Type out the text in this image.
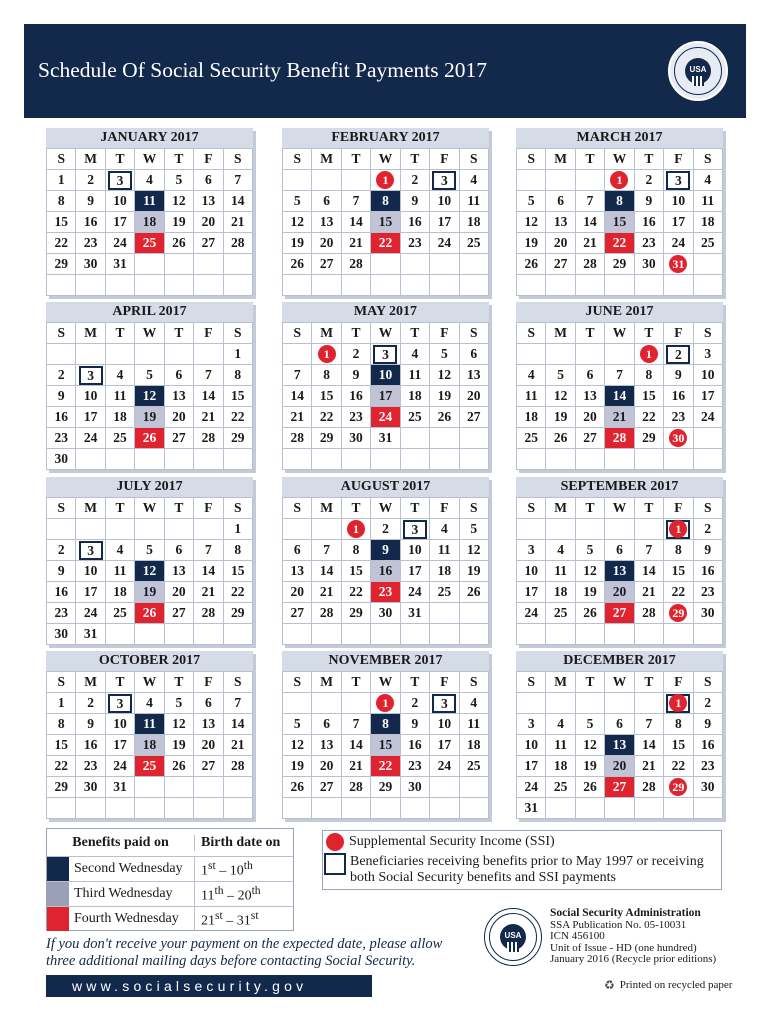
Schedule Of Social Security Benefit Payments 2017	USA
JANUARY 2017
S	M	T	W	T	F	S
1	2	3	4	5	6	7
8	9	10	11	12	13	14
15	16	17	18	19	20	21
22	23	24	25	26	27	28
29	30	31				

FEBRUARY 2017
S	M	T	W	T	F	S
			1	2	3	4
5	6	7	8	9	10	11
12	13	14	15	16	17	18
19	20	21	22	23	24	25
26	27	28				

MARCH 2017
S	M	T	W	T	F	S
			1	2	3	4
5	6	7	8	9	10	11
12	13	14	15	16	17	18
19	20	21	22	23	24	25
26	27	28	29	30	31	

APRIL 2017
S	M	T	W	T	F	S
						1
2	3	4	5	6	7	8
9	10	11	12	13	14	15
16	17	18	19	20	21	22
23	24	25	26	27	28	29
30						
MAY 2017
S	M	T	W	T	F	S
	1	2	3	4	5	6
7	8	9	10	11	12	13
14	15	16	17	18	19	20
21	22	23	24	25	26	27
28	29	30	31			

JUNE 2017
S	M	T	W	T	F	S
				1	2	3
4	5	6	7	8	9	10
11	12	13	14	15	16	17
18	19	20	21	22	23	24
25	26	27	28	29	30	

JULY 2017
S	M	T	W	T	F	S
						1
2	3	4	5	6	7	8
9	10	11	12	13	14	15
16	17	18	19	20	21	22
23	24	25	26	27	28	29
30	31					
AUGUST 2017
S	M	T	W	T	F	S
		1	2	3	4	5
6	7	8	9	10	11	12
13	14	15	16	17	18	19
20	21	22	23	24	25	26
27	28	29	30	31		

SEPTEMBER 2017
S	M	T	W	T	F	S

					1	2
3	4	5	6	7	8	9
10	11	12	13	14	15	16
17	18	19	20	21	22	23
24	25	26	27	28	29	30

OCTOBER 2017
S	M	T	W	T	F	S
1	2	3	4	5	6	7
8	9	10	11	12	13	14
15	16	17	18	19	20	21
22	23	24	25	26	27	28
29	30	31				

NOVEMBER 2017
S	M	T	W	T	F	S
			1	2	3	4
5	6	7	8	9	10	11
12	13	14	15	16	17	18
19	20	21	22	23	24	25
26	27	28	29	30		

DECEMBER 2017
S	M	T	W	T	F	S

					1	2
3	4	5	6	7	8	9
10	11	12	13	14	15	16
17	18	19	20	21	22	23
24	25	26	27	28	29	30
31						
Benefits paid on	Birth date on
Second Wednesday 1st – 10th
Third Wednesday 11th – 20th
Fourth Wednesday 21st – 31st
Supplemental Security Income (SSI)
Beneficiaries receiving benefits prior to May 1997 or receiving both Social Security benefits and SSI payments
If you don't receive your payment on the expected date, please allow three additional mailing days before contacting Social Security.
www.socialsecurity.gov
USA
Social Security Administration
SSA Publication No. 05-10031
ICN 456100
Unit of Issue - HD (one hundred)
January 2016 (Recycle prior editions)
♻ Printed on recycled paper
